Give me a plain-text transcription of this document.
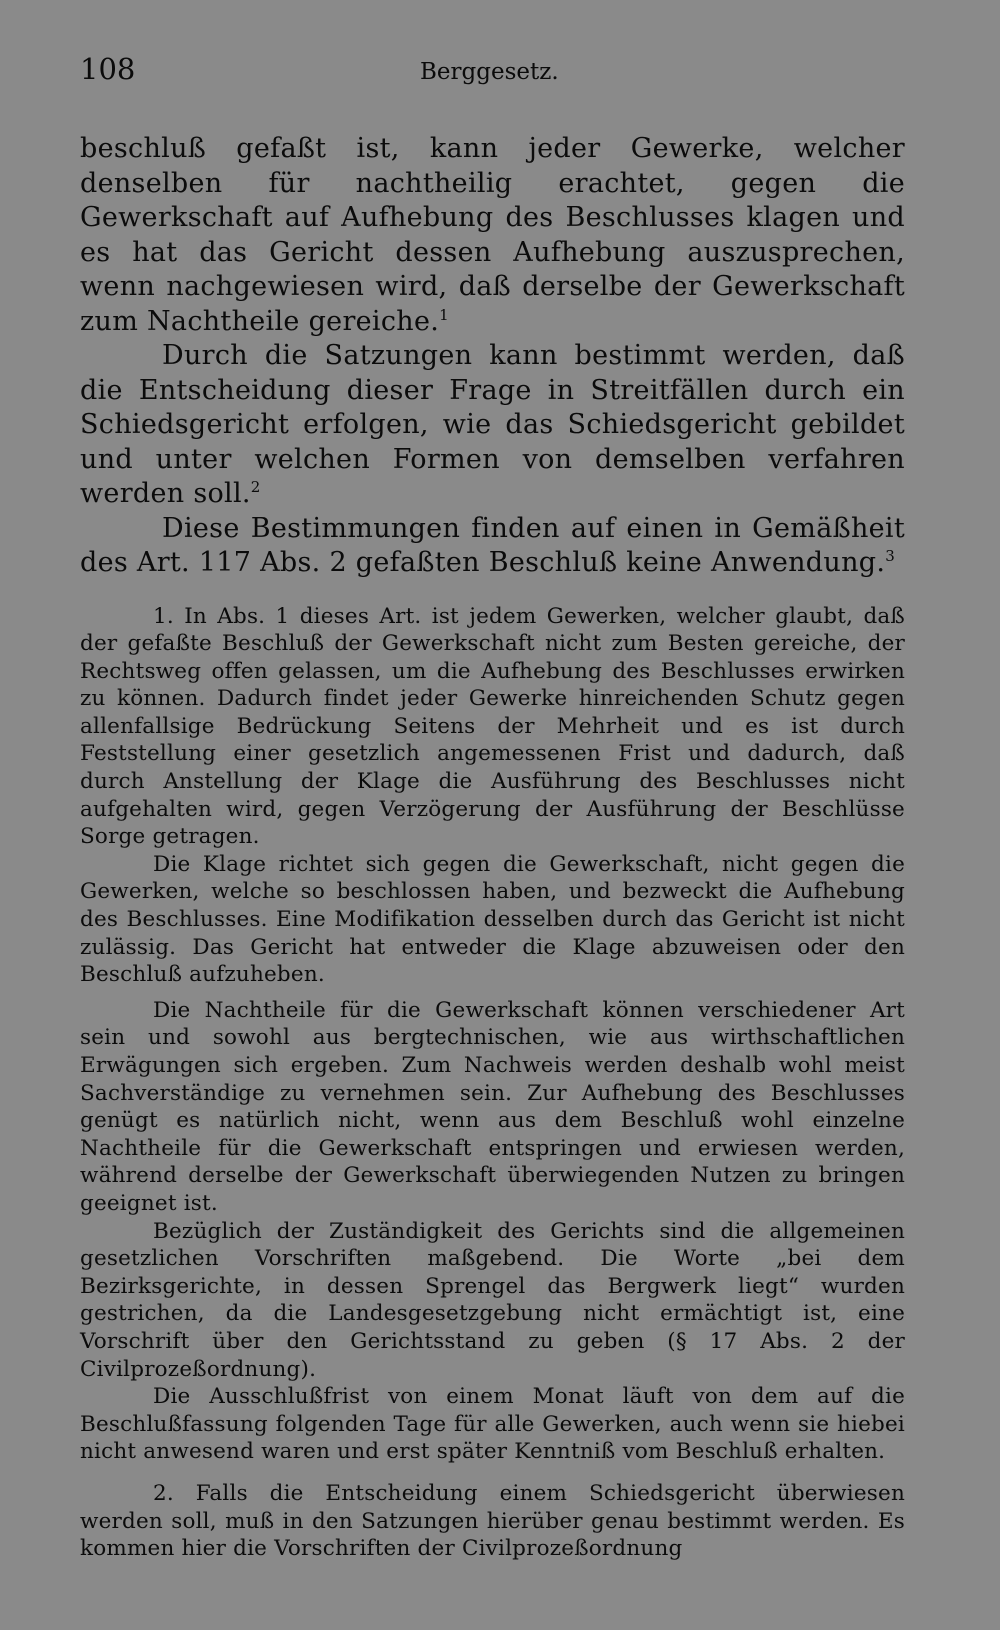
108	Berggesetz.

beschluß gefaßt ist, kann jeder Gewerke, welcher denselben für nachtheilig erachtet, gegen die Gewerkschaft auf Aufhebung des Beschlusses klagen und es hat das Gericht dessen Aufhebung auszusprechen, wenn nachgewiesen wird, daß derselbe der Gewerkschaft zum Nachtheile gereiche.$^1$

Durch die Satzungen kann bestimmt werden, daß die Entscheidung dieser Frage in Streitfällen durch ein Schiedsgericht erfolgen, wie das Schiedsgericht gebildet und unter welchen Formen von demselben verfahren werden soll.$^2$

Diese Bestimmungen finden auf einen in Gemäßheit des Art. 117 Abs. 2 gefaßten Beschluß keine Anwendung.$^3$

1. In Abs. 1 dieses Art. ist jedem Gewerken, welcher glaubt, daß der gefaßte Beschluß der Gewerkschaft nicht zum Besten gereiche, der Rechtsweg offen gelassen, um die Aufhebung des Beschlusses erwirken zu können. Dadurch findet jeder Gewerke hinreichenden Schutz gegen allenfallsige Bedrückung Seitens der Mehrheit und es ist durch Feststellung einer gesetzlich angemessenen Frist und dadurch, daß durch Anstellung der Klage die Ausführung des Beschlusses nicht aufgehalten wird, gegen Verzögerung der Ausführung der Beschlüsse Sorge getragen.

Die Klage richtet sich gegen die Gewerkschaft, nicht gegen die Gewerken, welche so beschlossen haben, und bezweckt die Aufhebung des Beschlusses. Eine Modifikation desselben durch das Gericht ist nicht zulässig. Das Gericht hat entweder die Klage abzuweisen oder den Beschluß aufzuheben.

Die Nachtheile für die Gewerkschaft können verschiedener Art sein und sowohl aus bergtechnischen, wie aus wirthschaftlichen Erwägungen sich ergeben. Zum Nachweis werden deshalb wohl meist Sachverständige zu vernehmen sein. Zur Aufhebung des Beschlusses genügt es natürlich nicht, wenn aus dem Beschluß wohl einzelne Nachtheile für die Gewerkschaft entspringen und erwiesen werden, während derselbe der Gewerkschaft überwiegenden Nutzen zu bringen geeignet ist.

Bezüglich der Zuständigkeit des Gerichts sind die allgemeinen gesetzlichen Vorschriften maßgebend. Die Worte „bei dem Bezirksgerichte, in dessen Sprengel das Bergwerk liegt“ wurden gestrichen, da die Landesgesetzgebung nicht ermächtigt ist, eine Vorschrift über den Gerichtsstand zu geben (§ 17 Abs. 2 der Civilprozeßordnung).

Die Ausschlußfrist von einem Monat läuft von dem auf die Beschlußfassung folgenden Tage für alle Gewerken, auch wenn sie hiebei nicht anwesend waren und erst später Kenntniß vom Beschluß erhalten.

2. Falls die Entscheidung einem Schiedsgericht überwiesen werden soll, muß in den Satzungen hierüber genau bestimmt werden. Es kommen hier die Vorschriften der Civilprozeßordnung
